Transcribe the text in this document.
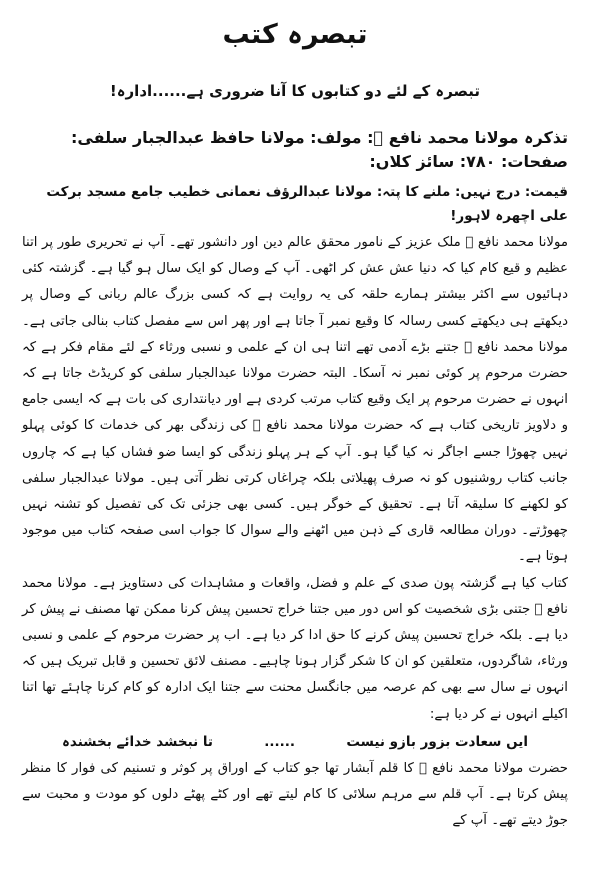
تبصرہ کتب

تبصرہ کے لئے دو کتابوں کا آنا ضروری ہے......ادارہ!

تذکرہ مولانا محمد نافع ﷫: مولف: مولانا حافظ عبدالجبار سلفی: صفحات: ۷۸۰: سائز کلاں:

قیمت: درج نہیں: ملنے کا پتہ: مولانا عبدالرؤف نعمانی خطیب جامع مسجد برکت علی اچھرہ لاہور!

مولانا محمد نافع ﷫ ملک عزیز کے نامور محقق عالم دین اور دانشور تھے۔ آپ نے تحریری طور پر اتنا عظیم و قیع کام کیا کہ دنیا عش عش کر اٹھی۔ آپ کے وصال کو ایک سال ہو گیا ہے۔ گزشتہ کئی دہائیوں سے اکثر بیشتر ہمارے حلقہ کی یہ روایت ہے کہ کسی بزرگ عالم ربانی کے وصال پر دیکھتے ہی دیکھتے کسی رسالہ کا وقیع نمبر آ جاتا ہے اور پھر اس سے مفصل کتاب بنالی جاتی ہے۔ مولانا محمد نافع ﷫ جتنے بڑے آدمی تھے اتنا ہی ان کے علمی و نسبی ورثاء کے لئے مقام فکر ہے کہ حضرت مرحوم پر کوئی نمبر نہ آسکا۔ البتہ حضرت مولانا عبدالجبار سلفی کو کریڈٹ جاتا ہے کہ انہوں نے حضرت مرحوم پر ایک وقیع کتاب مرتب کردی ہے اور دیانتداری کی بات ہے کہ ایسی جامع و دلاویز تاریخی کتاب ہے کہ حضرت مولانا محمد نافع ﷫ کی زندگی بھر کی خدمات کا کوئی پہلو نہیں چھوڑا جسے اجاگر نہ کیا گیا ہو۔ آپ کے ہر پہلو زندگی کو ایسا ضو فشاں کیا ہے کہ چاروں جانب کتاب روشنیوں کو نہ صرف پھیلاتی بلکہ چراغاں کرتی نظر آتی ہیں۔ مولانا عبدالجبار سلفی کو لکھنے کا سلیقہ آتا ہے۔ تحقیق کے خوگر ہیں۔ کسی بھی جزئی تک کی تفصیل کو تشنہ نہیں چھوڑتے۔ دوران مطالعہ قاری کے ذہن میں اٹھنے والے سوال کا جواب اسی صفحہ کتاب میں موجود ہوتا ہے۔

کتاب کیا ہے گزشتہ پون صدی کے علم و فضل، واقعات و مشاہدات کی دستاویز ہے۔ مولانا محمد نافع ﷫ جتنی بڑی شخصیت کو اس دور میں جتنا خراج تحسین پیش کرنا ممکن تھا مصنف نے پیش کر دیا ہے۔ بلکہ خراج تحسین پیش کرنے کا حق ادا کر دیا ہے۔ اب پر حضرت مرحوم کے علمی و نسبی ورثاء، شاگردوں، متعلقین کو ان کا شکر گزار ہونا چاہیے۔ مصنف لائق تحسین و قابل تبریک ہیں کہ انہوں نے سال سے بھی کم عرصہ میں جانگسل محنت سے جتنا ایک ادارہ کو کام کرنا چاہئے تھا اتنا اکیلے انہوں نے کر دیا ہے:

ایں سعادت بزور بازو نیست
......
تا نبخشد خدائے بخشندہ

حضرت مولانا محمد نافع ﷫ کا قلم آبشار تھا جو کتاب کے اوراق پر کوثر و تسنیم کی فوار کا منظر پیش کرتا ہے۔ آپ قلم سے مرہم سلائی کا کام لیتے تھے اور کٹے پھٹے دلوں کو مودت و محبت سے جوڑ دیتے تھے۔ آپ کے
